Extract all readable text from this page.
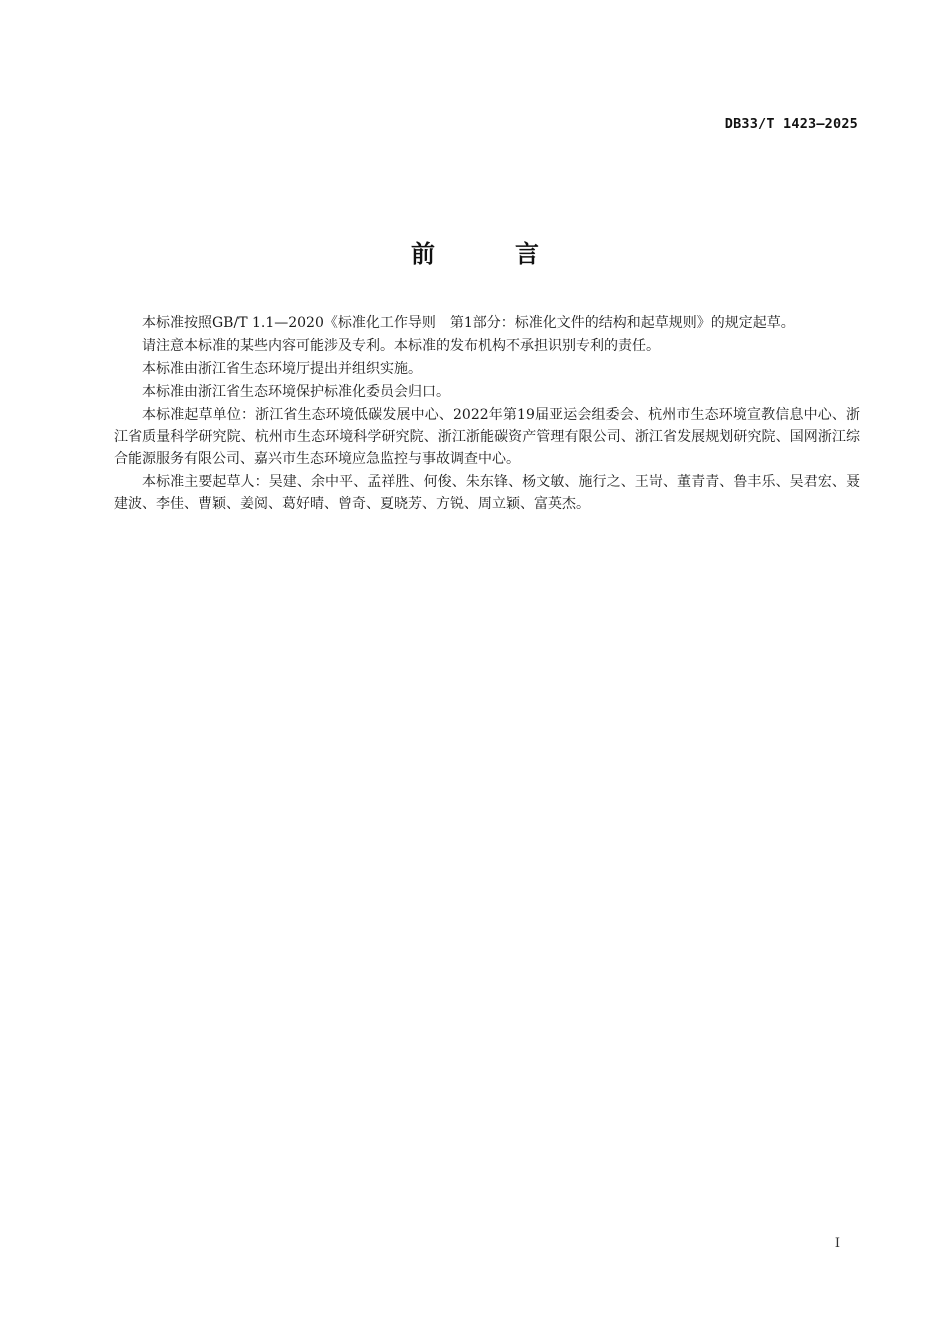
DB33/T 1423—2025
前　言

本标准按照GB/T 1.1—2020《标准化工作导则　第1部分：标准化文件的结构和起草规则》的规定起草。

请注意本标准的某些内容可能涉及专利。本标准的发布机构不承担识别专利的责任。

本标准由浙江省生态环境厅提出并组织实施。

本标准由浙江省生态环境保护标准化委员会归口。

本标准起草单位：浙江省生态环境低碳发展中心、2022年第19届亚运会组委会、杭州市生态环境宣教信息中心、浙江省质量科学研究院、杭州市生态环境科学研究院、浙江浙能碳资产管理有限公司、浙江省发展规划研究院、国网浙江综合能源服务有限公司、嘉兴市生态环境应急监控与事故调查中心。

本标准主要起草人：吴建、余中平、孟祥胜、何俊、朱东锋、杨文敏、施行之、王岢、董青青、鲁丰乐、吴君宏、聂建波、李佳、曹颖、姜阅、葛好晴、曾奇、夏晓芳、方锐、周立颖、富英杰。

I
